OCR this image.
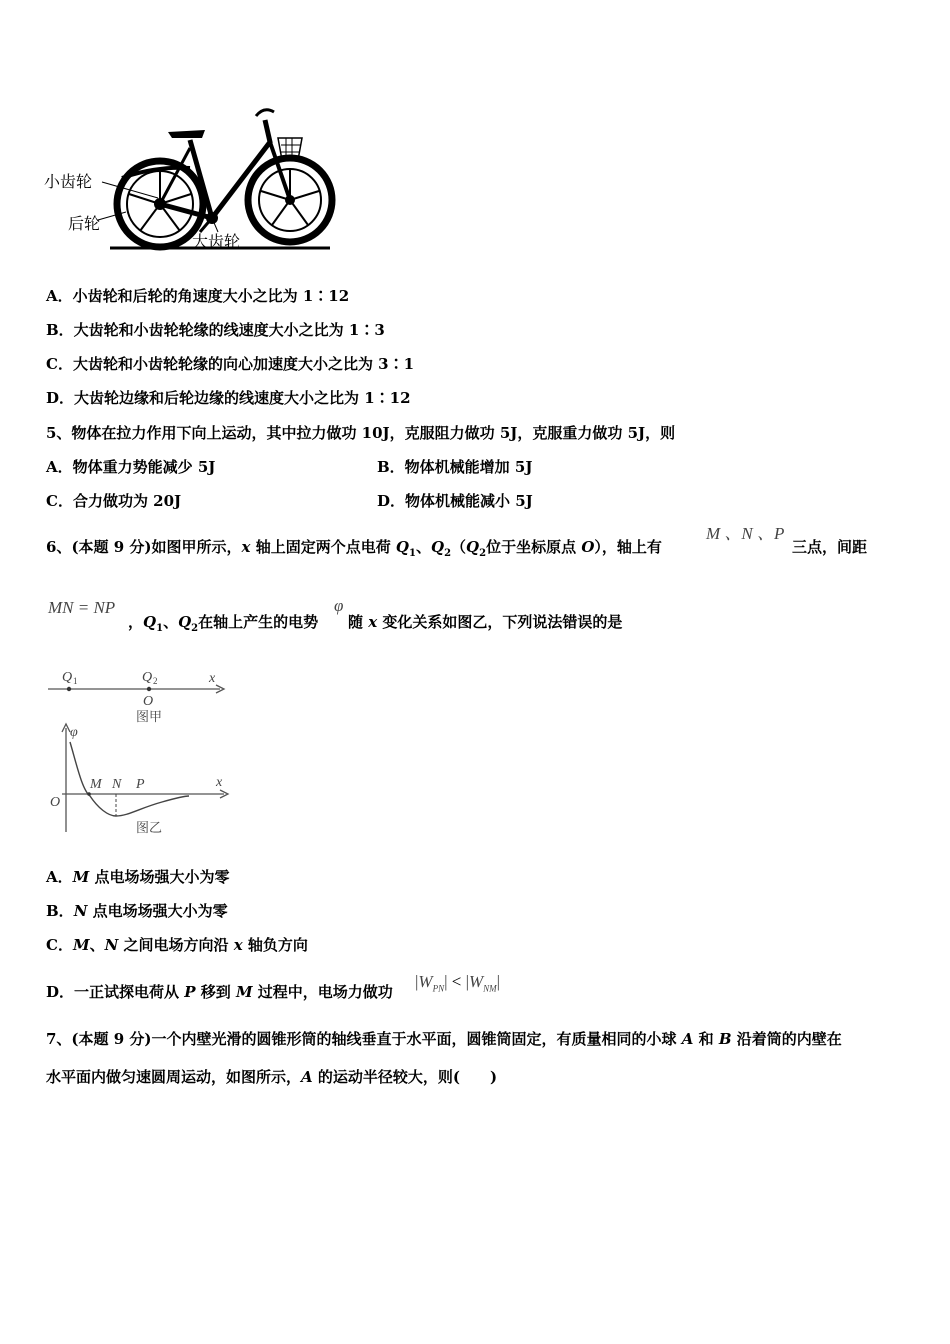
小齿轮
后轮
大齿轮
A．小齿轮和后轮的角速度大小之比为 1∶12
B．大齿轮和小齿轮轮缘的线速度大小之比为 1∶3
C．大齿轮和小齿轮轮缘的向心加速度大小之比为 3∶1
D．大齿轮边缘和后轮边缘的线速度大小之比为 1∶12
5、物体在拉力作用下向上运动，其中拉力做功 10J，克服阻力做功 5J，克服重力做功 5J，则
A．物体重力势能减少 5J	B．物体机械能增加 5J
C．合力做功为 20J	D．物体机械能减小 5J
6、(本题 9 分)如图甲所示，x 轴上固定两个点电荷 $Q_1$、$Q_2(Q_2$位于坐标原点 O），轴上有
M 、N 、P
三点，间距
MN = NP
，$Q_1$、$Q_2$在轴上产生的电势
φ
随 x 变化关系如图乙，下列说法错误的是
Q 1	Q 2	x
O
图甲
φ
M N P	x
O
图乙
A．M 点电场场强大小为零
B．N 点电场场强大小为零
C．M、N 之间电场方向沿 x 轴负方向
D．一正试探电荷从 P 移到 M 过程中，电场力做功
$|W_{PN}| < |W_{NM}|$
7、(本题 9 分)一个内壁光滑的圆锥形筒的轴线垂直于水平面，圆锥筒固定，有质量相同的小球 A 和 B 沿着筒的内壁在
水平面内做匀速圆周运动，如图所示，A 的运动半径较大，则(　　)
